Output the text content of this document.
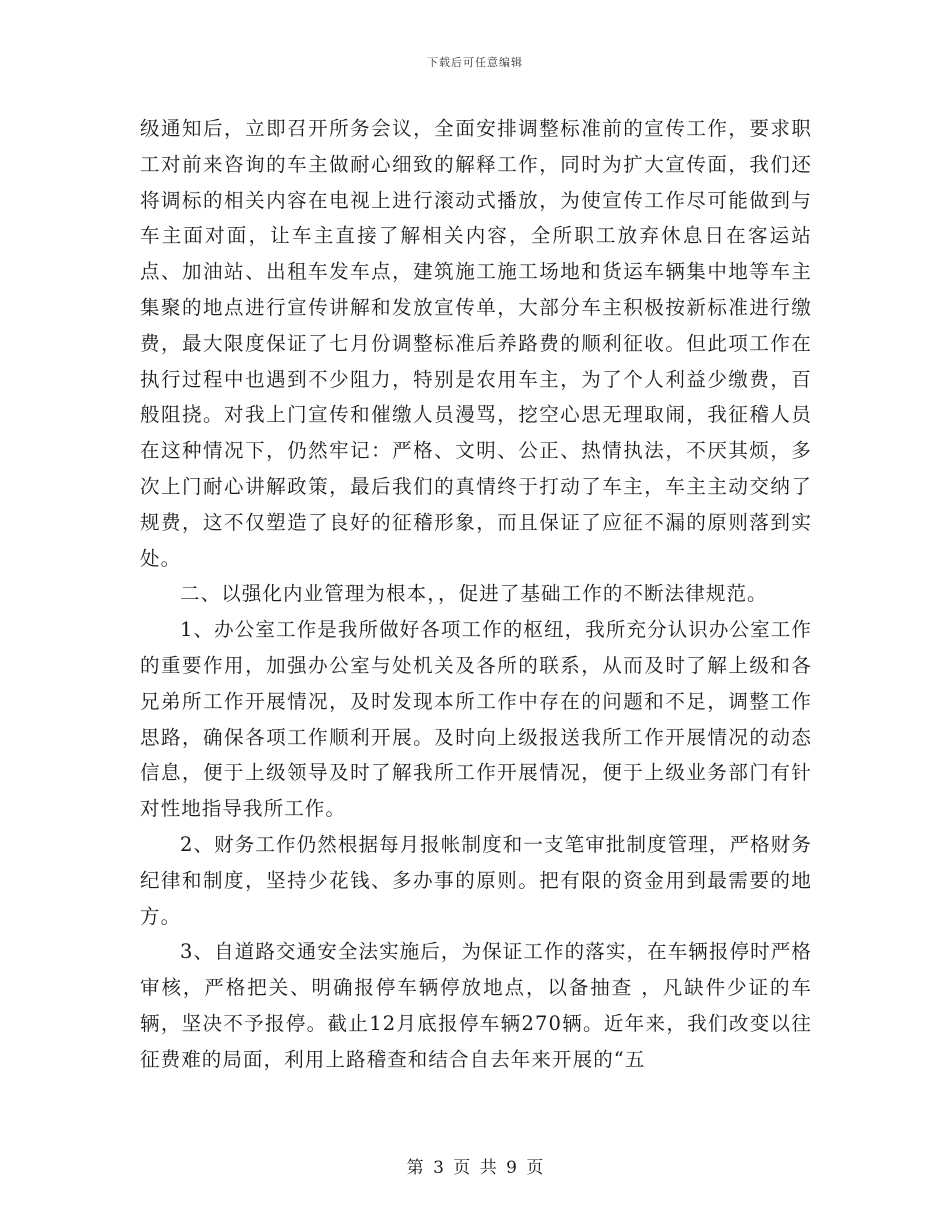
下载后可任意编辑

级通知后，立即召开所务会议，全面安排调整标准前的宣传工作，要求职工对前来咨询的车主做耐心细致的解释工作，同时为扩大宣传面，我们还将调标的相关内容在电视上进行滚动式播放，为使宣传工作尽可能做到与车主面对面，让车主直接了解相关内容，全所职工放弃休息日在客运站点、加油站、出租车发车点，建筑施工施工场地和货运车辆集中地等车主集聚的地点进行宣传讲解和发放宣传单，大部分车主积极按新标准进行缴费，最大限度保证了七月份调整标准后养路费的顺利征收。但此项工作在执行过程中也遇到不少阻力，特别是农用车主，为了个人利益少缴费，百般阻挠。对我上门宣传和催缴人员漫骂，挖空心思无理取闹，我征稽人员在这种情况下，仍然牢记：严格、文明、公正、热情执法，不厌其烦，多次上门耐心讲解政策，最后我们的真情终于打动了车主，车主主动交纳了规费，这不仅塑造了良好的征稽形象，而且保证了应征不漏的原则落到实处。

二、以强化内业管理为根本，，促进了基础工作的不断法律规范。

1、办公室工作是我所做好各项工作的枢纽，我所充分认识办公室工作的重要作用，加强办公室与处机关及各所的联系，从而及时了解上级和各兄弟所工作开展情况，及时发现本所工作中存在的问题和不足，调整工作思路，确保各项工作顺利开展。及时向上级报送我所工作开展情况的动态信息，便于上级领导及时了解我所工作开展情况，便于上级业务部门有针对性地指导我所工作。

2、财务工作仍然根据每月报帐制度和一支笔审批制度管理，严格财务纪律和制度，坚持少花钱、多办事的原则。把有限的资金用到最需要的地方。

3、自道路交通安全法实施后，为保证工作的落实，在车辆报停时严格审核，严格把关、明确报停车辆停放地点，以备抽查 ，凡缺件少证的车辆，坚决不予报停。截止12月底报停车辆270辆。近年来，我们改变以往征费难的局面，利用上路稽查和结合自去年来开展的“五

第 3 页 共 9 页
